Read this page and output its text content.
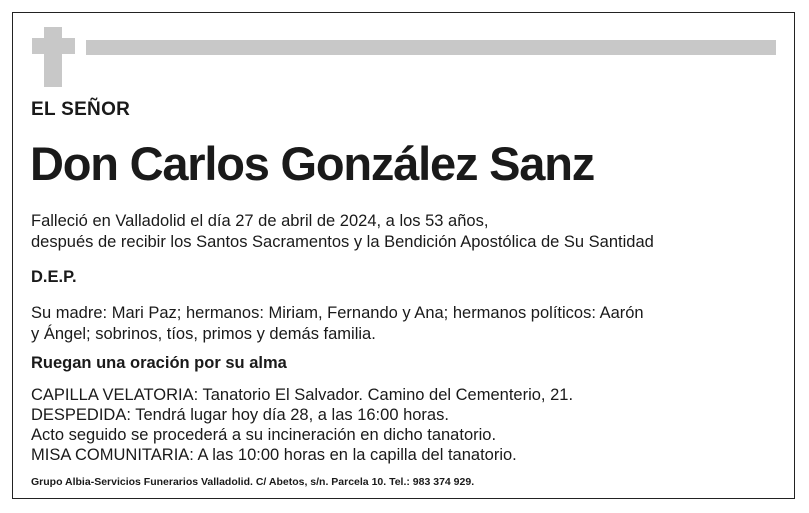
EL SEÑOR
Don Carlos González Sanz
Falleció en Valladolid el día 27 de abril de 2024, a los 53 años,
después de recibir los Santos Sacramentos y la Bendición Apostólica de Su Santidad
D.E.P.
Su madre: Mari Paz; hermanos: Miriam, Fernando y Ana; hermanos políticos: Aarón
y Ángel; sobrinos, tíos, primos y demás familia.
Ruegan una oración por su alma
CAPILLA VELATORIA: Tanatorio El Salvador. Camino del Cementerio, 21.
DESPEDIDA: Tendrá lugar hoy día 28, a las 16:00 horas.
Acto seguido se procederá a su incineración en dicho tanatorio.
MISA COMUNITARIA: A las 10:00 horas en la capilla del tanatorio.
Grupo Albia-Servicios Funerarios Valladolid. C/ Abetos, s/n. Parcela 10. Tel.: 983 374 929.
